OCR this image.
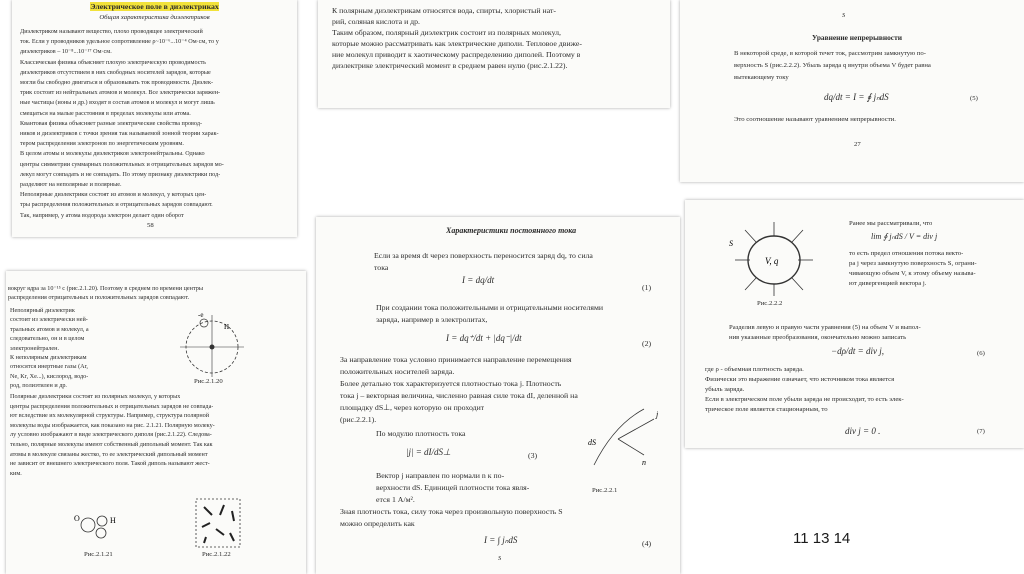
Электрическое поле в диэлектриках
Общая характеристика диэлектриков
Диэлектриком называют вещество, плохо проводящее электрический
ток. Если у проводников удельное сопротивление ρ~10⁻⁶...10⁻⁴ Ом·см, то у
диэлектриков – 10⁻⁸...10⁻¹⁷ Ом·см.
Классическая физика объясняет плохую электрическую проводимость
диэлектриков отсутствием в них свободных носителей зарядов, которые
могли бы свободно двигаться и образовывать ток проводимости. Диэлек-
трик состоит из нейтральных атомов и молекул. Все электрически заряжен-
ные частицы (ионы и др.) входят в состав атомов и молекул и могут лишь
смещаться на малые расстояния в пределах молекулы или атома.
Квантовая физика объясняет разные электрические свойства провод-
ников и диэлектриков с точки зрения так называемой зонной теории харак-
тером распределения электронов по энергетическим уровням.
В целом атомы и молекулы диэлектриков электронейтральны. Однако
центры симметрии суммарных положительных и отрицательных зарядов мо-
лекул могут совпадать и не совпадать. По этому признаку диэлектрики под-
разделяют на неполярные и полярные.
Неполярные диэлектрики состоят из атомов и молекул, у которых цен-
тры распределения положительных и отрицательных зарядов совпадают.
Так, например, у атома водорода электрон делает один оборот
58
К полярным диэлектрикам относятся вода, спирты, хлористый нат-
рий, соляная кислота и др.
Таким образом, полярный диэлектрик состоит из полярных молекул,
которые можно рассматривать как электрические диполи. Тепловое движе-
ние молекул приводит к хаотическому распределению диполей. Поэтому в
диэлектрике электрический момент в среднем равен нулю (рис.2.1.22).
S
Уравнение непрерывности
В некоторой среде, в которой течет ток, рассмотрим замкнутую по-
верхность S (рис.2.2.2). Убыль заряда q внутри объема V будет равна
вытекающему току
dq/dt = I = ∮ jₙdS	(5)
Это соотношение называют уравнением непрерывности.
27
вокруг ядра за 10⁻¹⁵ с (рис.2.1.20). Поэтому в среднем по времени центры
распределения отрицательных и положительных зарядов совпадают.
Неполярный диэлектрик
состоит из электрически ней-
тральных атомов и молекул, а
следовательно, он и в целом
электронейтрален.
К неполярным диэлектрикам
относятся инертные газы (Ar,
Ne, Kr, Xe...), кислород, водо-
род, полиэтилен и др.
-e
H
Рис.2.1.20
Полярные диэлектрики состоят из полярных молекул, у которых
центры распределения положительных и отрицательных зарядов не совпада-
ют вследствие их молекулярной структуры. Например, структура полярной
молекулы воды изображается, как показано на рис. 2.1.21. Полярную молеку-
лу условно изображают в виде электрического диполя (рис.2.1.22). Следова-
тельно, полярные молекулы имеют собственный дипольный момент. Так как
атомы в молекуле связаны жестко, то ее электрический дипольный момент
не зависит от внешнего электрического поля. Такой диполь называют жест-
ким.
O	H
Рис.2.1.21	Рис.2.1.22
Характеристики постоянного тока
Если за время dt через поверхность переносится заряд dq, то сила
тока
I = dq/dt
(1)
При создании тока положительными и отрицательными носителями
заряда, например в электролитах,
I = dq⁺/dt + |dq⁻|/dt
(2)
За направление тока условно принимается направление перемещения
положительных носителей заряда.
Более детально ток характеризуется плотностью тока j. Плотность
тока j – векторная величина, численно равная силе тока dI, деленной на
площадку dS⊥, через которую он проходит
(рис.2.2.1).
По модулю плотность тока
|j| = dI/dS⊥	(3)
Вектор j направлен по нормали n к по-
верхности dS. Единицей плотности тока явля-
ется 1 А/м².
dS
n
j
Рис.2.2.1
Зная плотность тока, силу тока через произвольную поверхность S
можно определить как
I = ∫ jₙdS
S
(4)
V, q
S
Рис.2.2.2
Ранее мы рассматривали, что
то есть предел отношения потока векто-
ра j через замкнутую поверхность S, ограни-
чивающую объем V, к этому объему называ-
ют дивергенцией вектора j.
lim ∮ jₙdS / V = div j
Разделив левую и правую части уравнения (5) на объем V и выпол-
нив указанные преобразования, окончательно можно записать
−dρ/dt = div j,	(6)
где ρ - объемная плотность заряда.
Физически это выражение означает, что источником тока является
убыль заряда.
Если в электрическом поле убыли заряда не происходит, то есть элек-
трическое поле является стационарным, то
div j = 0 .	(7)
11 13 14
